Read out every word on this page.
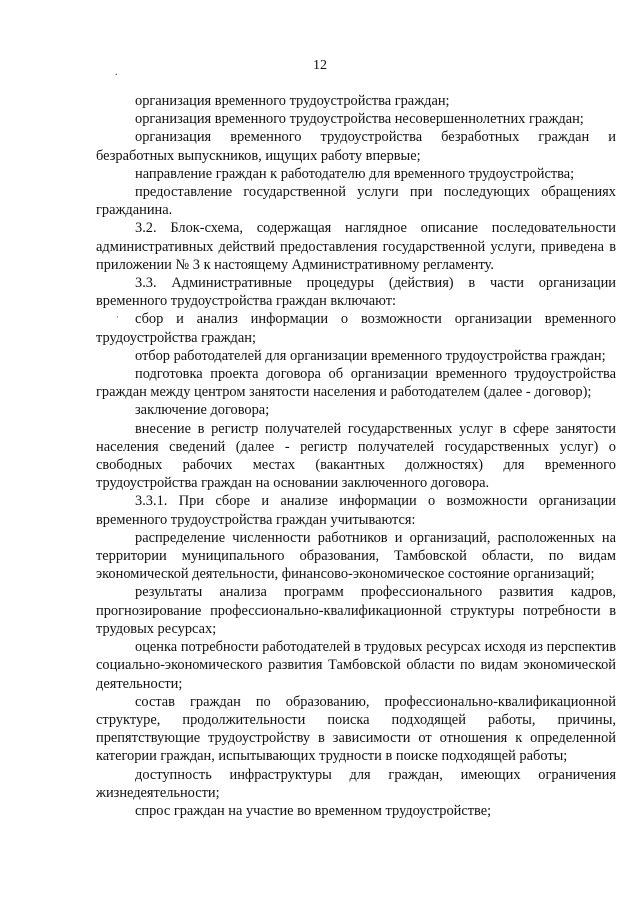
12
.
·

организация временного трудоустройства граждан;

организация временного трудоустройства несовершеннолетних граждан;

организация временного трудоустройства безработных граждан и безработных выпускников, ищущих работу впервые;

направление граждан к работодателю для временного трудоустройства;

предоставление государственной услуги при последующих обращениях гражданина.

3.2. Блок-схема, содержащая наглядное описание последовательности административных действий предоставления государственной услуги, приведена в приложении № 3 к настоящему Административному регламенту.

3.3. Административные процедуры (действия) в части организации временного трудоустройства граждан включают:

сбор и анализ информации о возможности организации временного трудоустройства граждан;

отбор работодателей для организации временного трудоустройства граждан;

подготовка проекта договора об организации временного трудоустройства граждан между центром занятости населения и работодателем (далее - договор);

заключение договора;

внесение в регистр получателей государственных услуг в сфере занятости населения сведений (далее - регистр получателей государственных услуг) о свободных рабочих местах (вакантных должностях) для временного трудоустройства граждан на основании заключенного договора.

3.3.1. При сборе и анализе информации о возможности организации временного трудоустройства граждан учитываются:

распределение численности работников и организаций, расположенных на территории муниципального образования, Тамбовской области, по видам экономической деятельности, финансово-экономическое состояние организаций;

результаты анализа программ профессионального развития кадров, прогнозирование профессионально-квалификационной структуры потребности в трудовых ресурсах;

оценка потребности работодателей в трудовых ресурсах исходя из перспектив социально-экономического развития Тамбовской области по видам экономической деятельности;

состав граждан по образованию, профессионально-квалификационной структуре, продолжительности поиска подходящей работы, причины, препятствующие трудоустройству в зависимости от отношения к определенной категории граждан, испытывающих трудности в поиске подходящей работы;

доступность инфраструктуры для граждан, имеющих ограничения жизнедеятельности;

спрос граждан на участие во временном трудоустройстве;
